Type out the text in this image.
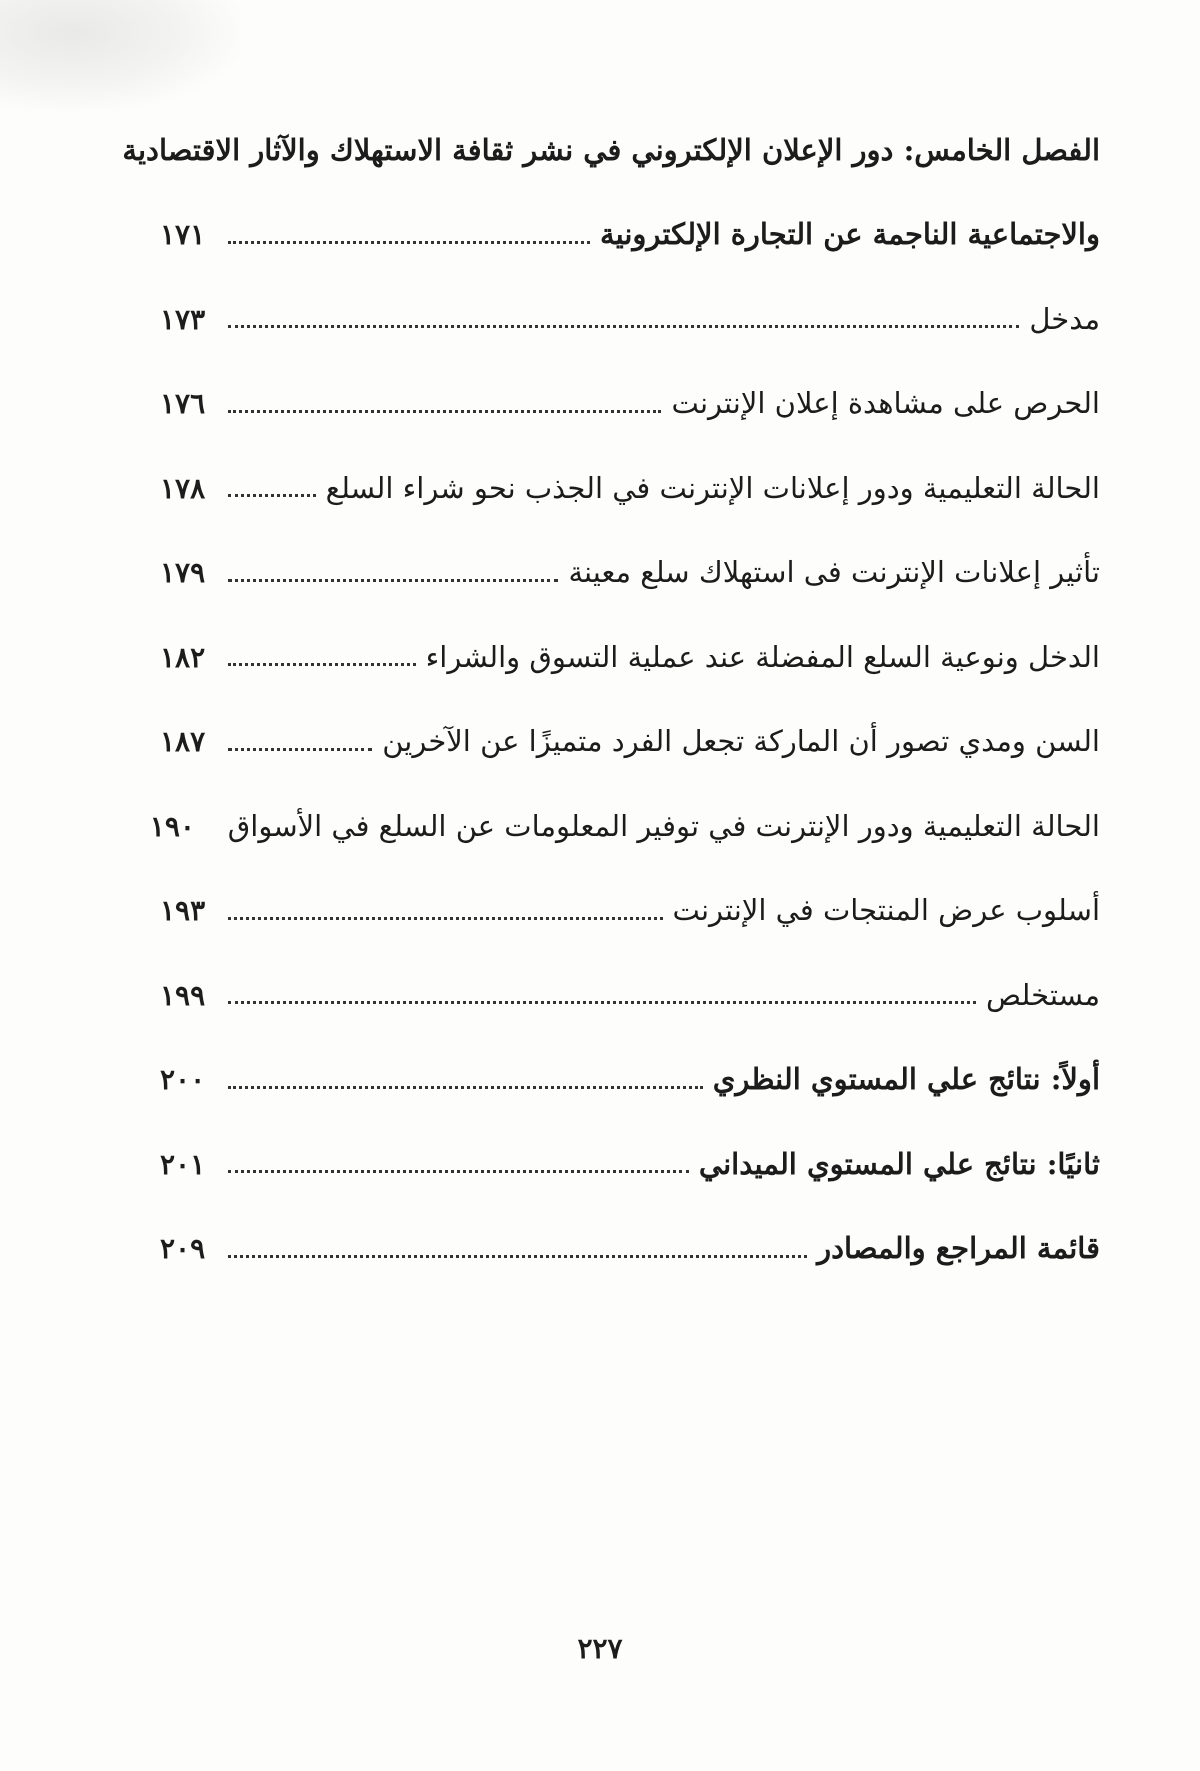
الفصل الخامس: دور الإعلان الإلكتروني في نشر ثقافة الاستهلاك والآثار الاقتصادية
والاجتماعية الناجمة عن التجارة الإلكترونية
١٧١
مدخل
١٧٣
الحرص على مشاهدة إعلان الإنترنت
١٧٦
الحالة التعليمية ودور إعلانات الإنترنت في الجذب نحو شراء السلع
١٧٨
تأثير إعلانات الإنترنت فى استهلاك سلع معينة
١٧٩
الدخل ونوعية السلع المفضلة عند عملية التسوق والشراء
١٨٢
السن ومدي تصور أن الماركة تجعل الفرد متميزًا عن الآخرين
١٨٧
الحالة التعليمية ودور الإنترنت في توفير المعلومات عن السلع في الأسواق
١٩٠
أسلوب عرض المنتجات في الإنترنت
١٩٣
مستخلص
١٩٩
أولاً: نتائج علي المستوي النظري
٢٠٠
ثانيًا: نتائج علي المستوي الميداني
٢٠١
قائمة المراجع والمصادر
٢٠٩
٢٢٧
